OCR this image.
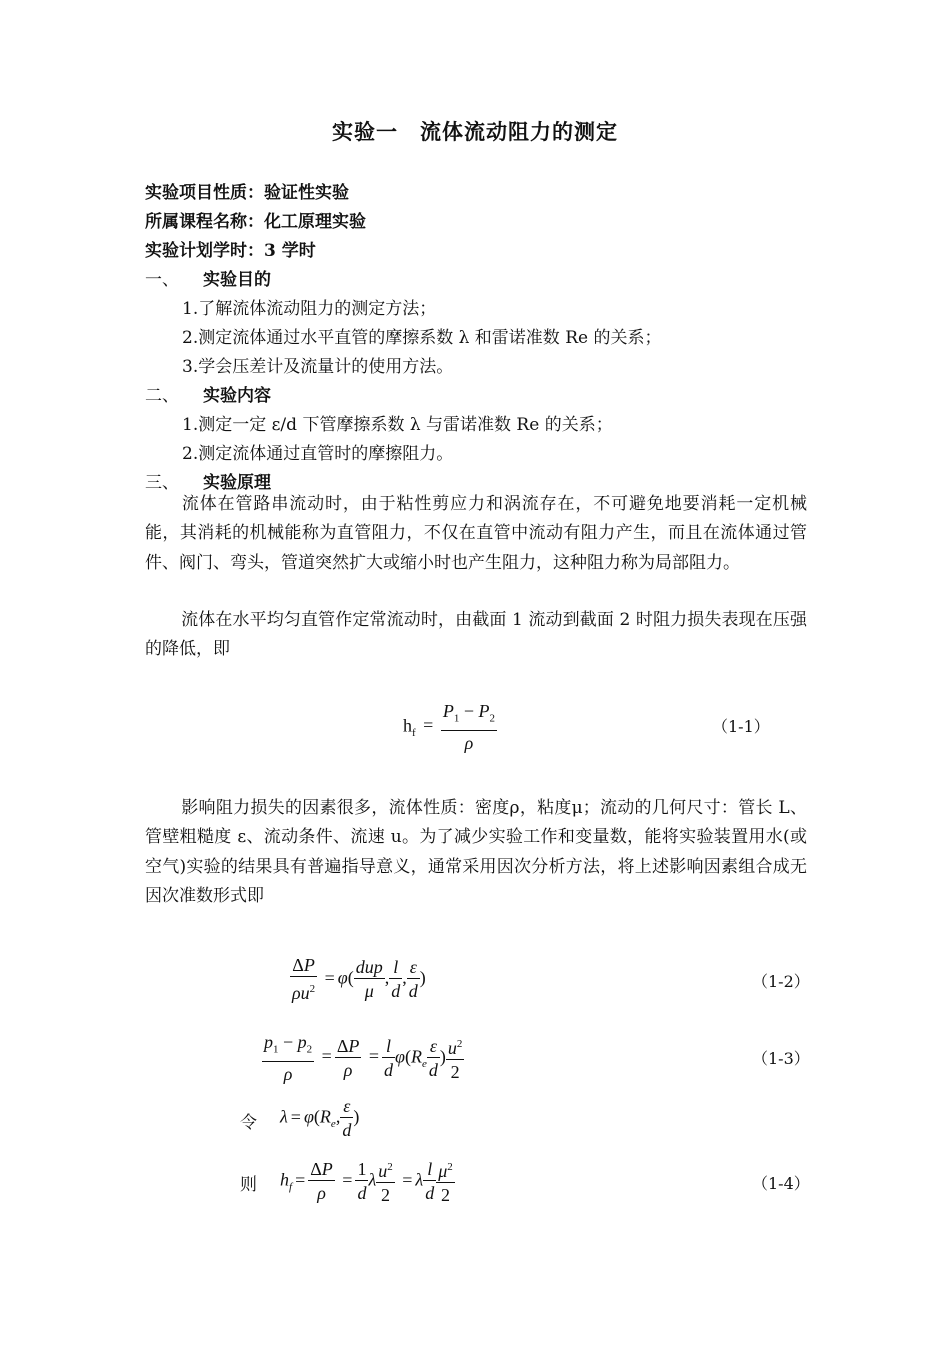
实验一　流体流动阻力的测定
实验项目性质：验证性实验
所属课程名称：化工原理实验
实验计划学时：3 学时
一、 实验目的
1.了解流体流动阻力的测定方法；
2.测定流体通过水平直管的摩擦系数 λ 和雷诺准数 Re 的关系；
3.学会压差计及流量计的使用方法。
二、 实验内容
1.测定一定 ε/d 下管摩擦系数 λ 与雷诺准数 Re 的关系；
2.测定流体通过直管时的摩擦阻力。
三、 实验原理
流体在管路串流动时，由于粘性剪应力和涡流存在，不可避免地要消耗一定机械能，其消耗的机械能称为直管阻力，不仅在直管中流动有阻力产生，而且在流体通过管件、阀门、弯头，管道突然扩大或缩小时也产生阻力，这种阻力称为局部阻力。
流体在水平均匀直管作定常流动时，由截面 1 流动到截面 2 时阻力损失表现在压强的降低，即
$h_f = \frac{P_1 - P_2}{\rho}$	（1-1）
影响阻力损失的因素很多，流体性质：密度ρ，粘度μ；流动的几何尺寸：管长 L、管壁粗糙度 ε、流动条件、流速 u。为了减少实验工作和变量数，能将实验装置用水(或空气)实验的结果具有普遍指导意义，通常采用因次分析方法，将上述影响因素组合成无因次准数形式即
$\frac{\Delta P}{\rho u^2} = \varphi( \frac{\text{dup}}{\mu}$ , $\frac{l}{d}$ , $\frac{\varepsilon}{d}$ )	（1-2）
$\frac{p_1 - p_2}{\rho} = \frac{\Delta P}{\rho} = \frac{l}{d} \varphi(R_e \frac{\varepsilon}{d}$ ) $\frac{u^2}{2}$	（1-3）
令 $\lambda = \varphi(R_e$, $\frac{\varepsilon}{d}$ )
则 $h_f = \frac{\Delta P}{\rho} = \frac{1}{d}$ λ $\frac{u^2}{2} = \lambda \frac{l}{d} \frac{\mu^2}{2}$	（1-4）
